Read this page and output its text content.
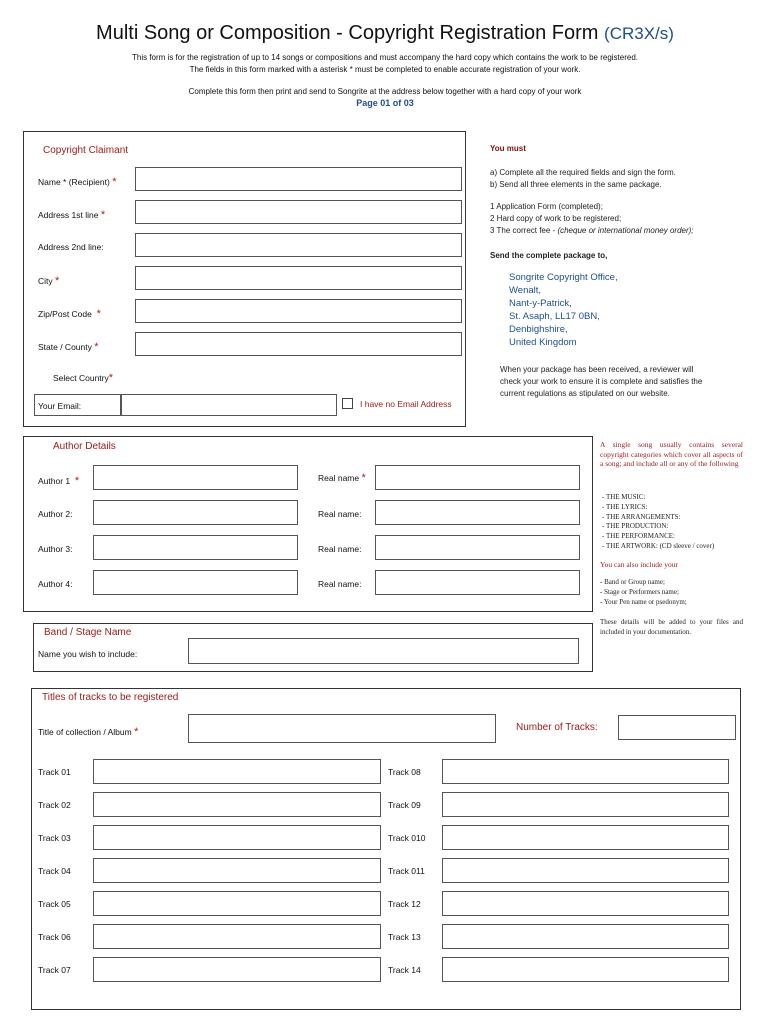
Multi Song or Composition - Copyright Registration Form (CR3X/s)
This form is for the registration of up to 14 songs or compositions and must accompany the hard copy which contains the work to be registered.
The fields in this form marked with a asterisk * must be completed to enable accurate registration of your work.
Complete this form then print and send to Songrite at the address below together with a hard copy of your work
Page 01 of 03
Copyright Claimant
Name * (Recipient) *
Address 1st line *
Address 2nd line:
City *
Zip/Post Code *
State / County *
Select Country*
Your Email:	I have no Email Address
You must
a) Complete all the required fields and sign the form.
b) Send all three elements in the same package.
1 Application Form (completed);
2 Hard copy of work to be registered;
3 The correct fee - (cheque or international money order);
Send the complete package to,
Songrite Copyright Office,
Wenalt,
Nant-y-Patrick,
St. Asaph, LL17 0BN,
Denbighshire,
United Kingdom
When your package has been received, a reviewer will
check your work to ensure it is complete and satisfies the
current regulations as stipulated on our website.
Author Details
Author 1 *	Real name *
Author 2:	Real name:
Author 3:	Real name:
Author 4:	Real name:
A single song usually contains several copyright categories which cover all aspects of a song; and include all or any of the following
- THE MUSIC:
- THE LYRICS:
- THE ARRANGEMENTS:
- THE PRODUCTION:
- THE PERFORMANCE:
- THE ARTWORK: (CD sleeve / cover)
You can also include your
- Band or Group name;
- Stage or Performers name;
- Your Pen name or psedonym;
These details will be added to your files and included in your documentation.
Band / Stage Name
Name you wish to include:
Titles of tracks to be registered
Title of collection / Album *	Number of Tracks:
Track 01
Track 02
Track 03
Track 04
Track 05
Track 06
Track 07
Track 08
Track 09
Track 010
Track 011
Track 12
Track 13
Track 14
